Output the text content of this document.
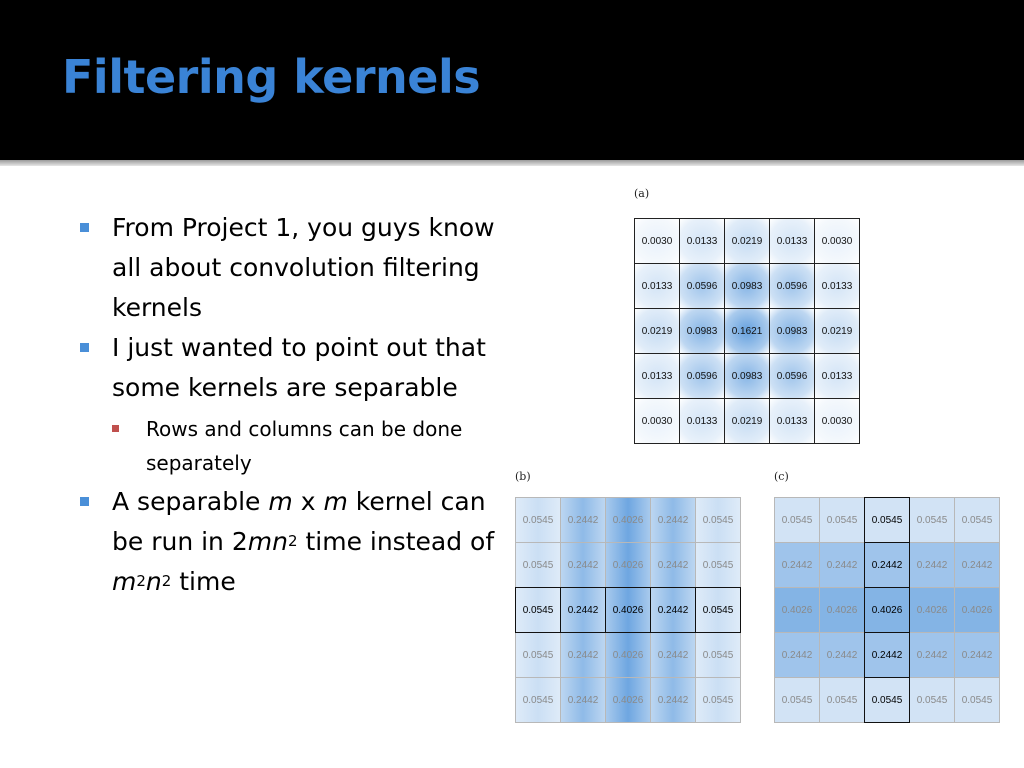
Filtering kernels
From Project 1, you guys know all about convolution filtering kernels
I just wanted to point out that some kernels are separable
Rows and columns can be done separately
A separable m x m kernel can be run in $2mn^2$ time instead of $m^2n^2$ time
(a)
0.0030	0.0133	0.0219	0.0133	0.0030
0.0133	0.0596	0.0983	0.0596	0.0133
0.0219	0.0983	0.1621	0.0983	0.0219
0.0133	0.0596	0.0983	0.0596	0.0133
0.0030	0.0133	0.0219	0.0133	0.0030
(b)
0.0545	0.2442	0.4026	0.2442	0.0545
0.0545	0.2442	0.4026	0.2442	0.0545
0.0545	0.2442	0.4026	0.2442	0.0545
0.0545	0.2442	0.4026	0.2442	0.0545
0.0545	0.2442	0.4026	0.2442	0.0545
(c)
0.0545	0.0545	0.0545	0.0545	0.0545
0.2442	0.2442	0.2442	0.2442	0.2442
0.4026	0.4026	0.4026	0.4026	0.4026
0.2442	0.2442	0.2442	0.2442	0.2442
0.0545	0.0545	0.0545	0.0545	0.0545
